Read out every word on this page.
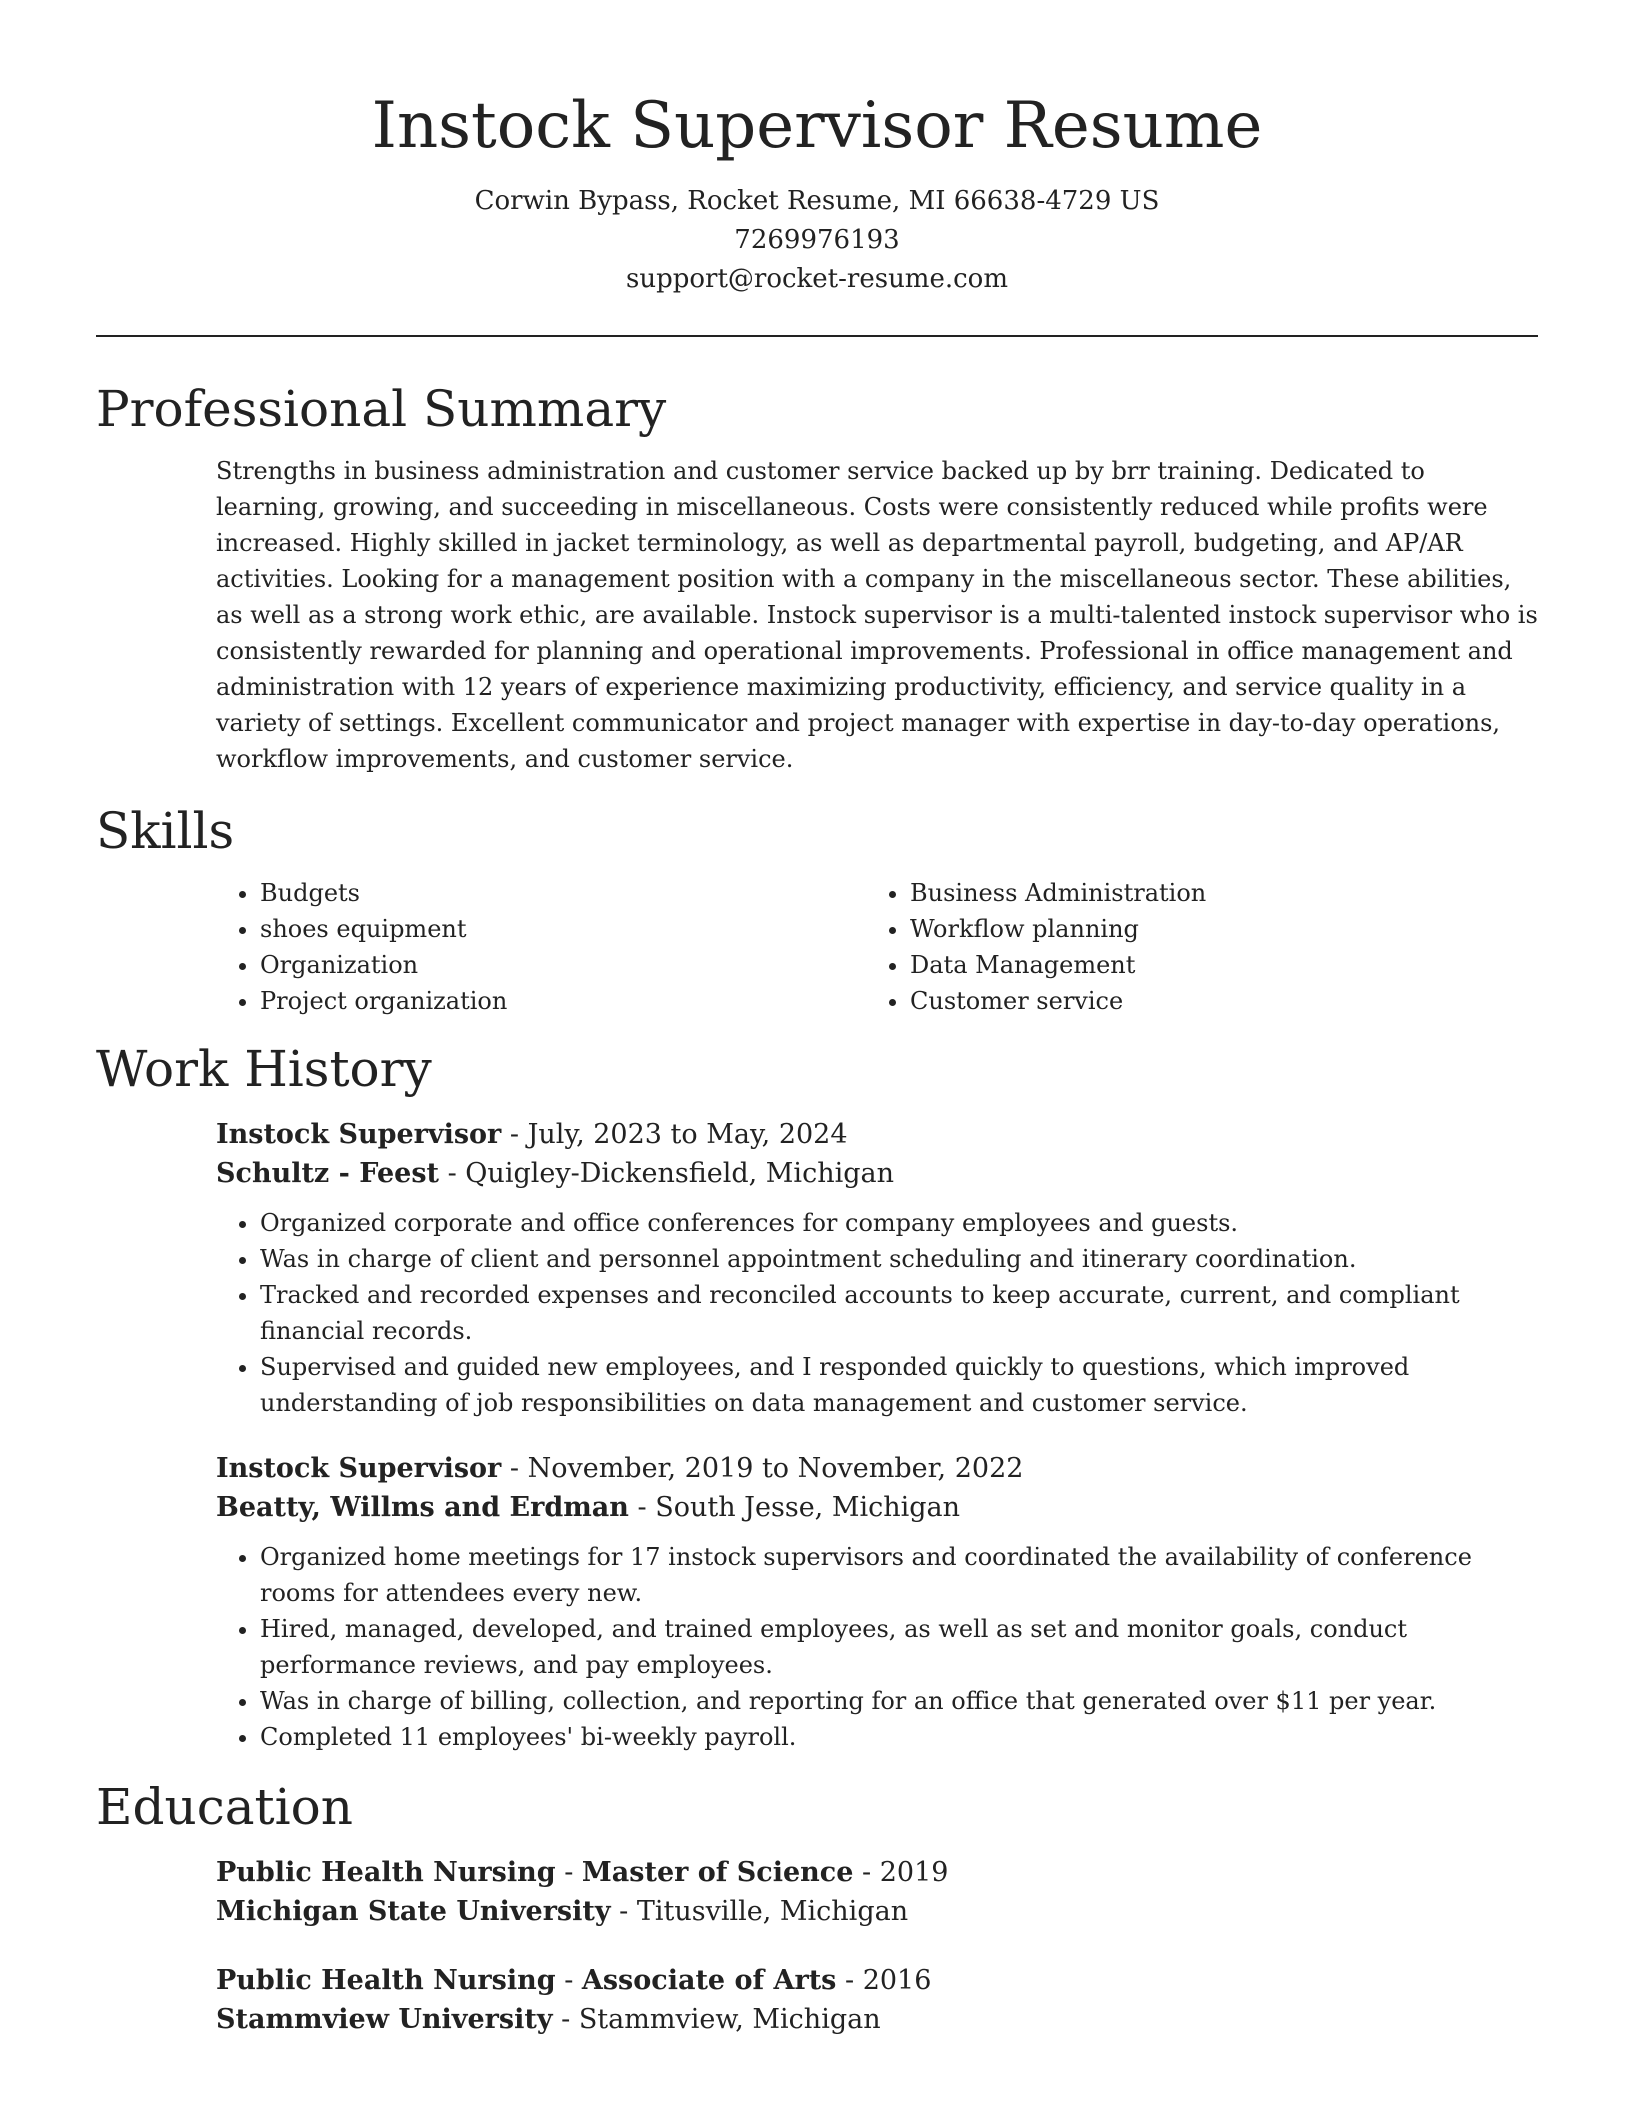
Instock Supervisor Resume

Corwin Bypass, Rocket Resume, MI 66638-4729 US

7269976193

support@rocket-resume.com

Professional Summary

Strengths in business administration and customer service backed up by brr training. Dedicated to learning, growing, and succeeding in miscellaneous. Costs were consistently reduced while profits were increased. Highly skilled in jacket terminology, as well as departmental payroll, budgeting, and AP/AR activities. Looking for a management position with a company in the miscellaneous sector. These abilities, as well as a strong work ethic, are available. Instock supervisor is a multi-talented instock supervisor who is consistently rewarded for planning and operational improvements. Professional in office management and administration with 12 years of experience maximizing productivity, efficiency, and service quality in a variety of settings. Excellent communicator and project manager with expertise in day-to-day operations, workflow improvements, and customer service.

Skills
• Budgets
• shoes equipment
• Organization
• Project organization
• Business Administration
• Workflow planning
• Data Management
• Customer service
Work History

Instock Supervisor - July, 2023 to May, 2024

Schultz - Feest - Quigley-Dickensfield, Michigan

• Organized corporate and office conferences for company employees and guests.
• Was in charge of client and personnel appointment scheduling and itinerary coordination.
• Tracked and recorded expenses and reconciled accounts to keep accurate, current, and compliant financial records.
• Supervised and guided new employees, and I responded quickly to questions, which improved understanding of job responsibilities on data management and customer service.

Instock Supervisor - November, 2019 to November, 2022

Beatty, Willms and Erdman - South Jesse, Michigan

• Organized home meetings for 17 instock supervisors and coordinated the availability of conference rooms for attendees every new.
• Hired, managed, developed, and trained employees, as well as set and monitor goals, conduct performance reviews, and pay employees.
• Was in charge of billing, collection, and reporting for an office that generated over $11 per year.
• Completed 11 employees' bi-weekly payroll.
Education

Public Health Nursing - Master of Science - 2019

Michigan State University - Titusville, Michigan

Public Health Nursing - Associate of Arts - 2016

Stammview University - Stammview, Michigan
